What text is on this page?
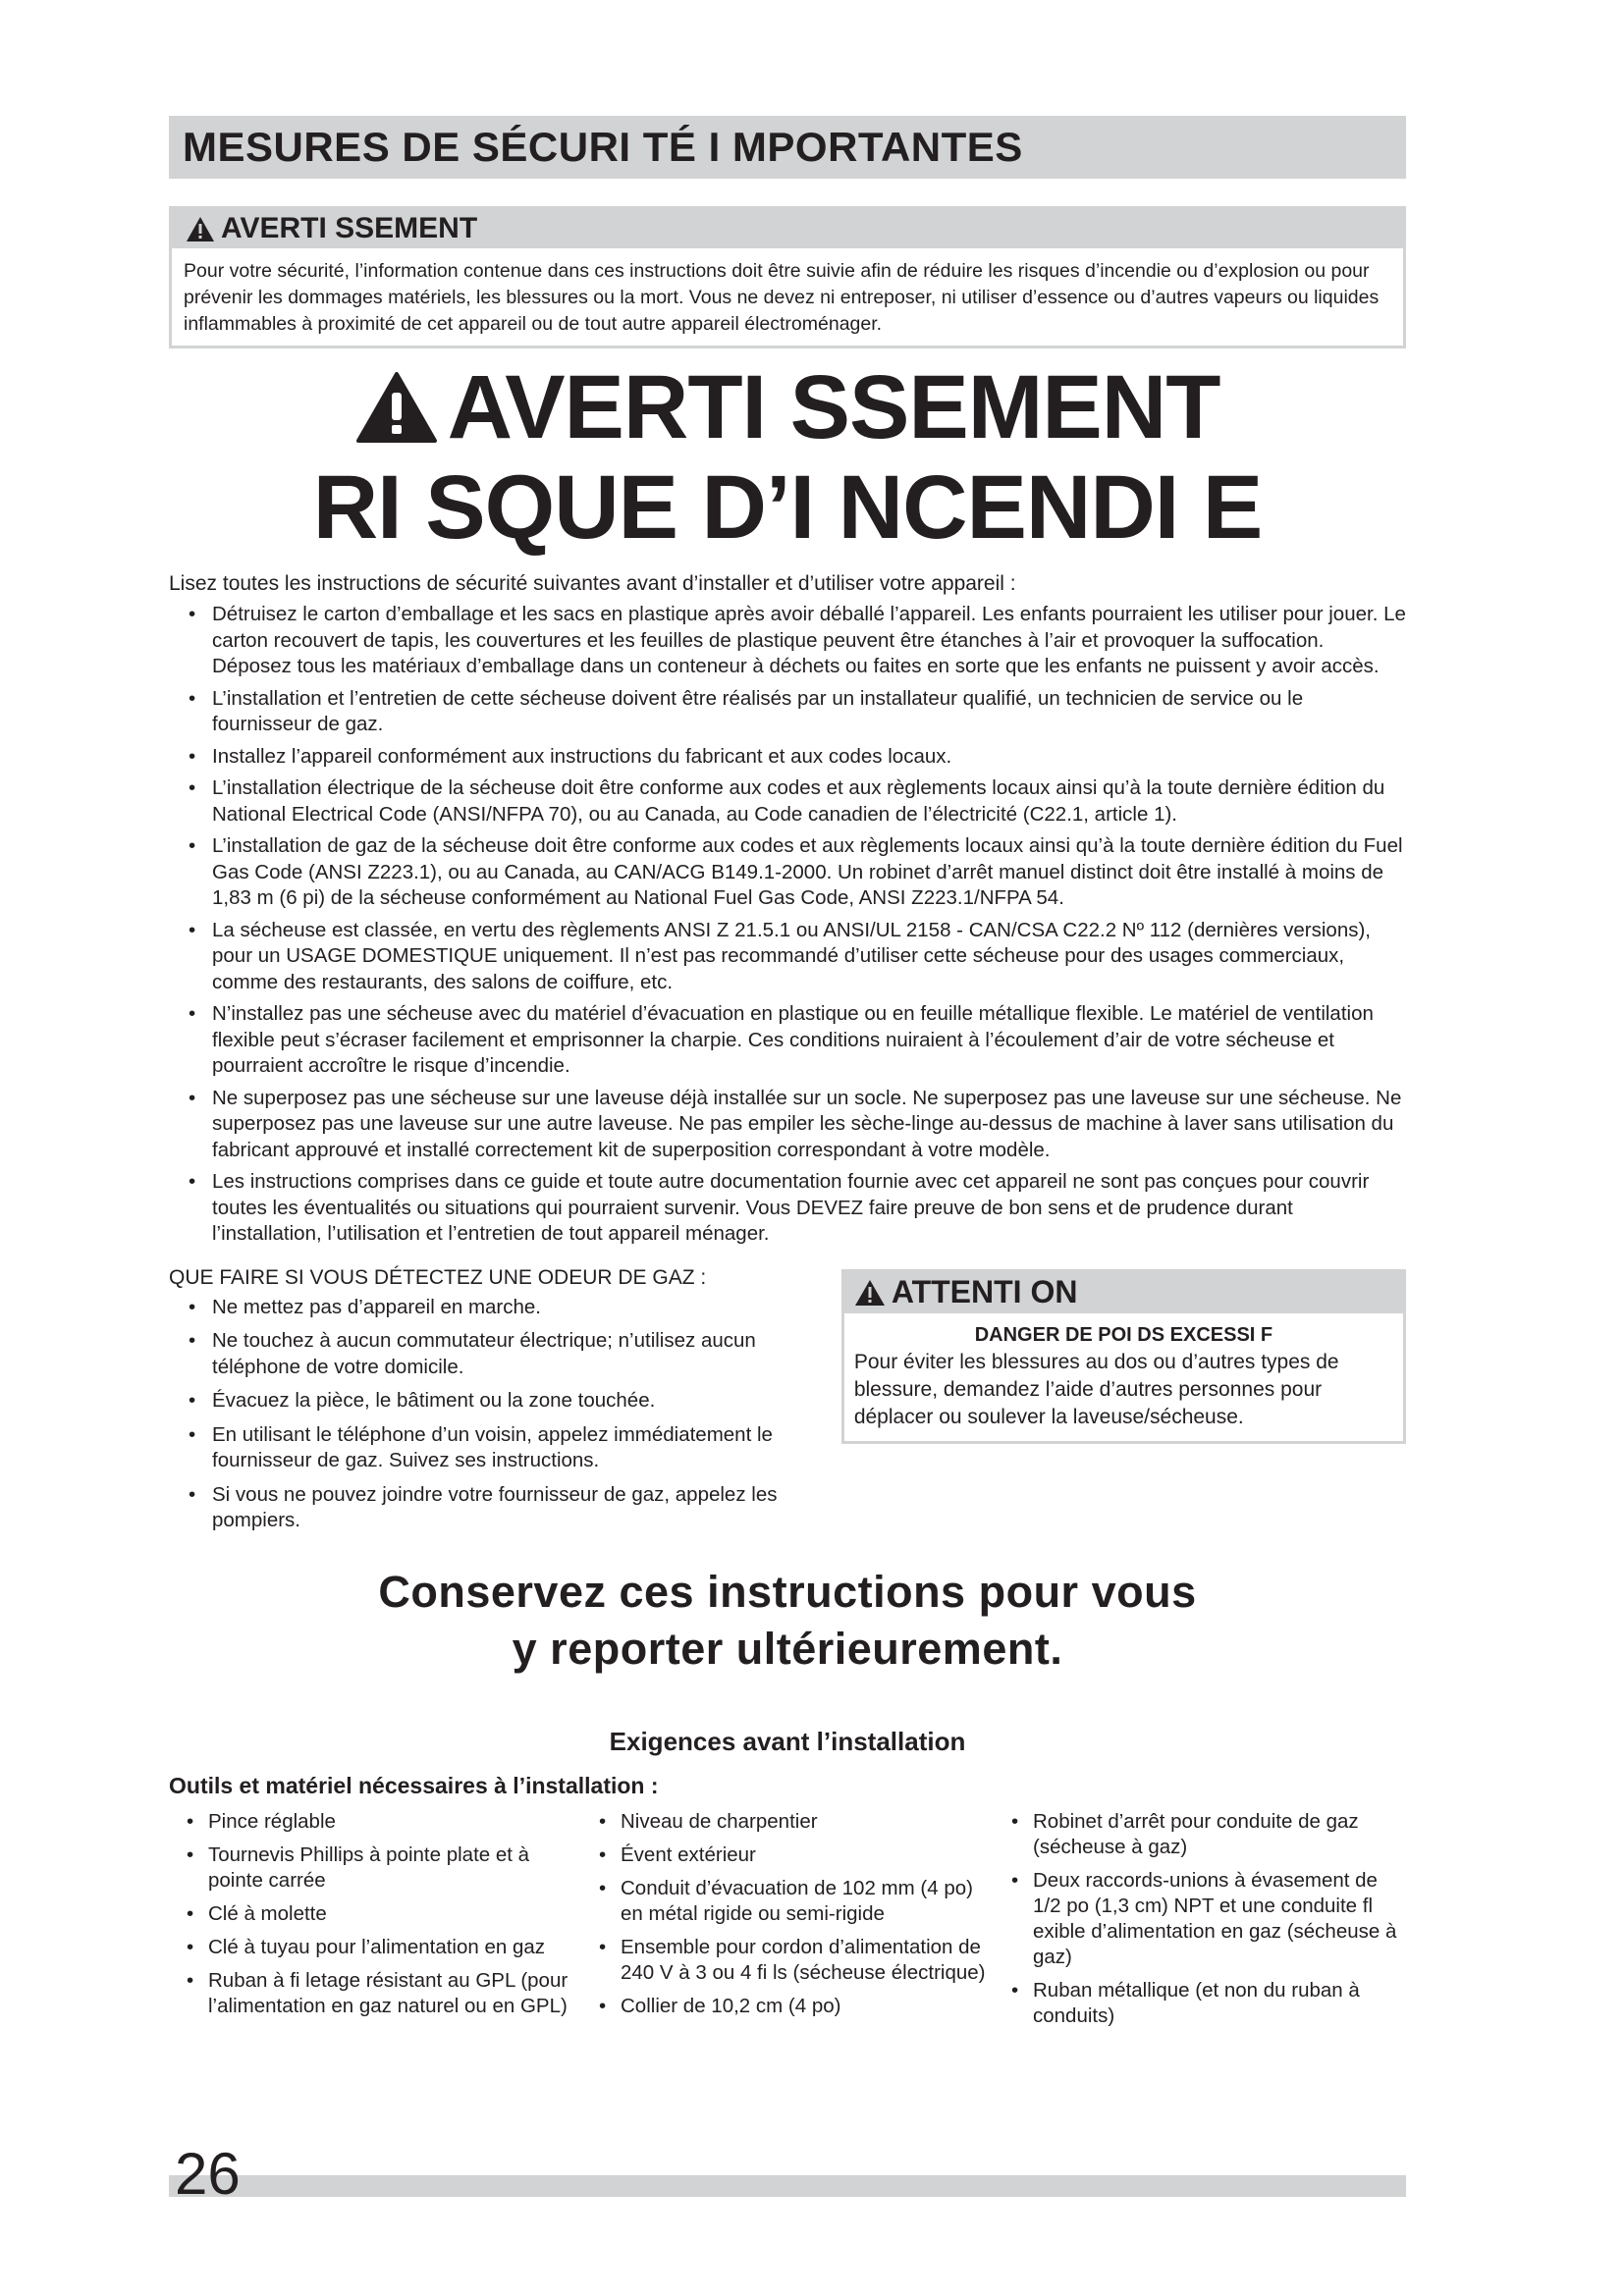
MESURES DE SÉCURI TÉ I MPORTANTES
AVERTI SSEMENT
Pour votre sécurité, l’information contenue dans ces instructions doit être suivie afin de réduire les risques d’incendie ou d’explosion ou pour prévenir les dommages matériels, les blessures ou la mort. Vous ne devez ni entreposer, ni utiliser d’essence ou d’autres vapeurs ou liquides inflammables à proximité de cet appareil ou de tout autre appareil électroménager.
AVERTI SSEMENT
RI SQUE D’I NCENDI E
Lisez toutes les instructions de sécurité suivantes avant d’installer et d’utiliser votre appareil :
• Détruisez le carton d’emballage et les sacs en plastique après avoir déballé l’appareil. Les enfants pourraient les utiliser pour jouer. Le carton recouvert de tapis, les couvertures et les feuilles de plastique peuvent être étanches à l’air et provoquer la suffocation. Déposez tous les matériaux d’emballage dans un conteneur à déchets ou faites en sorte que les enfants ne puissent y avoir accès.
• L’installation et l’entretien de cette sécheuse doivent être réalisés par un installateur qualifié, un technicien de service ou le fournisseur de gaz.
• Installez l’appareil conformément aux instructions du fabricant et aux codes locaux.
• L’installation électrique de la sécheuse doit être conforme aux codes et aux règlements locaux ainsi qu’à la toute dernière édition du National Electrical Code (ANSI/NFPA 70), ou au Canada, au Code canadien de l’électricité (C22.1, article 1).
• L’installation de gaz de la sécheuse doit être conforme aux codes et aux règlements locaux ainsi qu’à la toute dernière édition du Fuel Gas Code (ANSI Z223.1), ou au Canada, au CAN/ACG B149.1-2000. Un robinet d’arrêt manuel distinct doit être installé à moins de 1,83 m (6 pi) de la sécheuse conformément au National Fuel Gas Code, ANSI Z223.1/NFPA 54.
• La sécheuse est classée, en vertu des règlements ANSI Z 21.5.1 ou ANSI/UL 2158 - CAN/CSA C22.2 Nº 112 (dernières versions), pour un USAGE DOMESTIQUE uniquement. Il n’est pas recommandé d’utiliser cette sécheuse pour des usages commerciaux, comme des restaurants, des salons de coiffure, etc.
• N’installez pas une sécheuse avec du matériel d’évacuation en plastique ou en feuille métallique flexible. Le matériel de ventilation flexible peut s’écraser facilement et emprisonner la charpie. Ces conditions nuiraient à l’écoulement d’air de votre sécheuse et pourraient accroître le risque d’incendie.
• Ne superposez pas une sécheuse sur une laveuse déjà installée sur un socle. Ne superposez pas une laveuse sur une sécheuse. Ne superposez pas une laveuse sur une autre laveuse. Ne pas empiler les sèche-linge au-dessus de machine à laver sans utilisation du fabricant approuvé et installé correctement kit de superposition correspondant à votre modèle.
• Les instructions comprises dans ce guide et toute autre documentation fournie avec cet appareil ne sont pas conçues pour couvrir toutes les éventualités ou situations qui pourraient survenir. Vous DEVEZ faire preuve de bon sens et de prudence durant l’installation, l’utilisation et l’entretien de tout appareil ménager.
QUE FAIRE SI VOUS DÉTECTEZ UNE ODEUR DE GAZ :
• Ne mettez pas d’appareil en marche.
• Ne touchez à aucun commutateur électrique; n’utilisez aucun téléphone de votre domicile.
• Évacuez la pièce, le bâtiment ou la zone touchée.
• En utilisant le téléphone d’un voisin, appelez immédiatement le fournisseur de gaz. Suivez ses instructions.
• Si vous ne pouvez joindre votre fournisseur de gaz, appelez les pompiers.
ATTENTI ON
DANGER DE POI DS EXCESSI F
Pour éviter les blessures au dos ou d’autres types de blessure, demandez l’aide d’autres personnes pour déplacer ou soulever la laveuse/sécheuse.
Conservez ces instructions pour vous
y reporter ultérieurement.
Exigences avant l’installation
Outils et matériel nécessaires à l’installation :
• Pince réglable
• Tournevis Phillips à pointe plate et à pointe carrée
• Clé à molette
• Clé à tuyau pour l’alimentation en gaz
• Ruban à fi letage résistant au GPL (pour l’alimentation en gaz naturel ou en GPL)
• Niveau de charpentier
• Évent extérieur
• Conduit d’évacuation de 102 mm (4 po) en métal rigide ou semi-rigide
• Ensemble pour cordon d’alimentation de 240 V à 3 ou 4 fi ls (sécheuse électrique)
• Collier de 10,2 cm (4 po)
• Robinet d’arrêt pour conduite de gaz (sécheuse à gaz)
• Deux raccords-unions à évasement de 1/2 po (1,3 cm) NPT et une conduite fl exible d’alimentation en gaz (sécheuse à gaz)
• Ruban métallique (et non du ruban à conduits)
26
